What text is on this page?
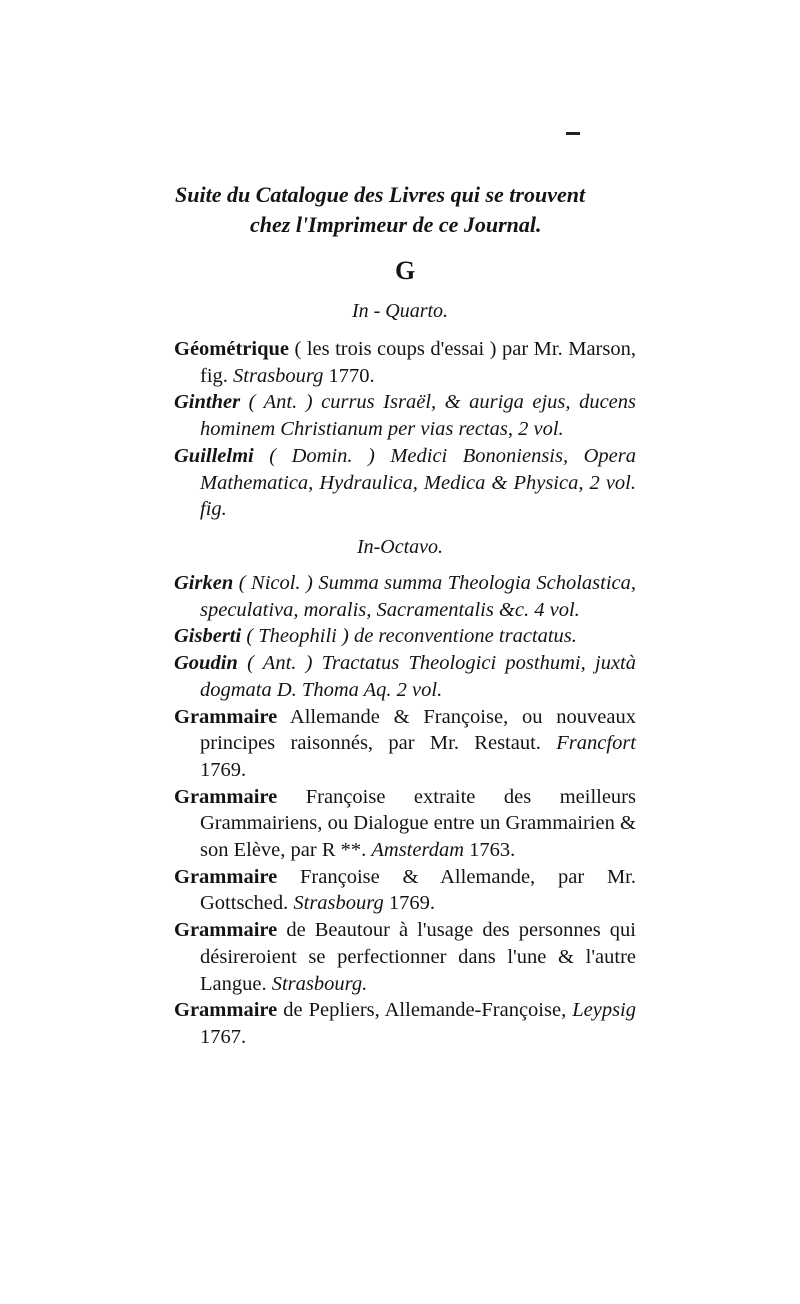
Suite du Catalogue des Livres qui se trouvent
chez l'Imprimeur de ce Journal.
G
In - Quarto.

Géométrique ( les trois coups d'essai ) par Mr. Marson, fig. Strasbourg 1770.

Ginther ( Ant. ) currus Israël, & auriga ejus, ducens hominem Christianum per vias rectas, 2 vol.

Guillelmi ( Domin. ) Medici Bononiensis, Opera Mathematica, Hydraulica, Medica & Physica, 2 vol. fig.

In-Octavo.

Girken ( Nicol. ) Summa summa Theologia Scholastica, speculativa, moralis, Sacramentalis &c. 4 vol.

Gisberti ( Theophili ) de reconventione tractatus.

Goudin ( Ant. ) Tractatus Theologici posthumi, juxtà dogmata D. Thoma Aq. 2 vol.

Grammaire Allemande & Françoise, ou nouveaux principes raisonnés, par Mr. Restaut. Francfort 1769.

Grammaire Françoise extraite des meilleurs Grammairiens, ou Dialogue entre un Grammairien & son Elève, par R **. Amsterdam 1763.

Grammaire Françoise & Allemande, par Mr. Gottsched. Strasbourg 1769.

Grammaire de Beautour à l'usage des personnes qui désireroient se perfectionner dans l'une & l'autre Langue. Strasbourg.

Grammaire de Pepliers, Allemande-Françoise, Leypsig 1767.
